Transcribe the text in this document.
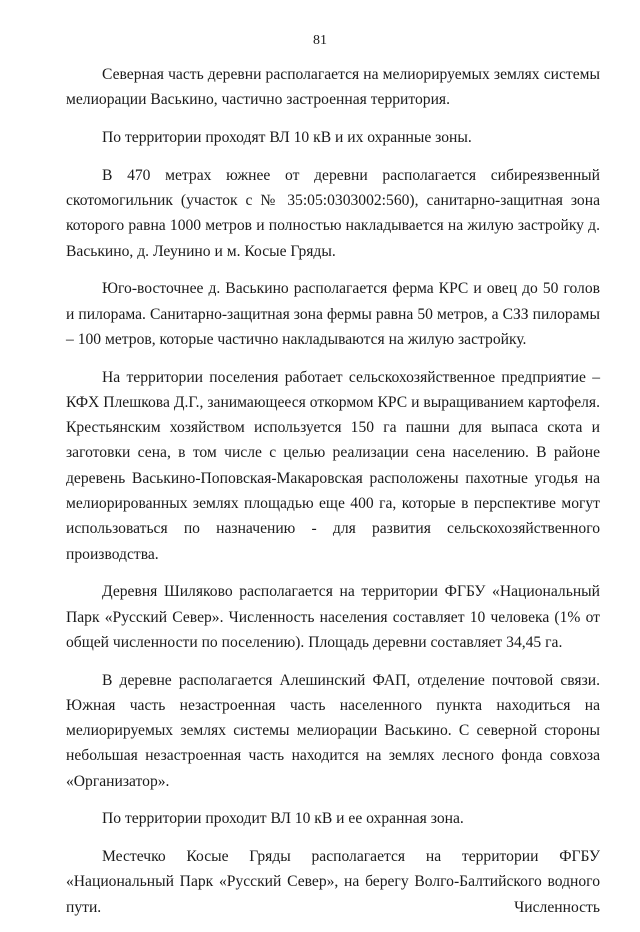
81

Северная часть деревни располагается на мелиорируемых землях системы мелиорации Васькино, частично застроенная территория.

По территории проходят ВЛ 10 кВ и их охранные зоны.

В 470 метрах южнее от деревни располагается сибиреязвенный скотомогильник (участок с № 35:05:0303002:560), санитарно-защитная зона которого равна 1000 метров и полностью накладывается на жилую застройку д. Васькино, д. Леунино и м. Косые Гряды.

Юго-восточнее д. Васькино располагается ферма КРС и овец до 50 голов и пилорама. Санитарно-защитная зона фермы равна 50 метров, а СЗЗ пилорамы – 100 метров, которые частично накладываются на жилую застройку.

На территории поселения работает сельскохозяйственное предприятие – КФХ Плешкова Д.Г., занимающееся откормом КРС и выращиванием картофеля. Крестьянским хозяйством используется 150 га пашни для выпаса скота и заготовки сена, в том числе с целью реализации сена населению. В районе деревень Васькино-Поповская-Макаровская расположены пахотные угодья на мелиорированных землях площадью еще 400 га, которые в перспективе могут использоваться по назначению - для развития сельскохозяйственного производства.

Деревня Шиляково располагается на территории ФГБУ «Национальный Парк «Русский Север». Численность населения составляет 10 человека (1% от общей численности по поселению). Площадь деревни составляет 34,45 га.

В деревне располагается Алешинский ФАП, отделение почтовой связи. Южная часть незастроенная часть населенного пункта находиться на мелиорируемых землях системы мелиорации Васькино. С северной стороны небольшая незастроенная часть находится на землях лесного фонда совхоза «Организатор».

По территории проходит ВЛ 10 кВ и ее охранная зона.

Местечко Косые Гряды располагается на территории ФГБУ «Национальный Парк «Русский Север», на берегу Волго-Балтийского водного пути. Численность
